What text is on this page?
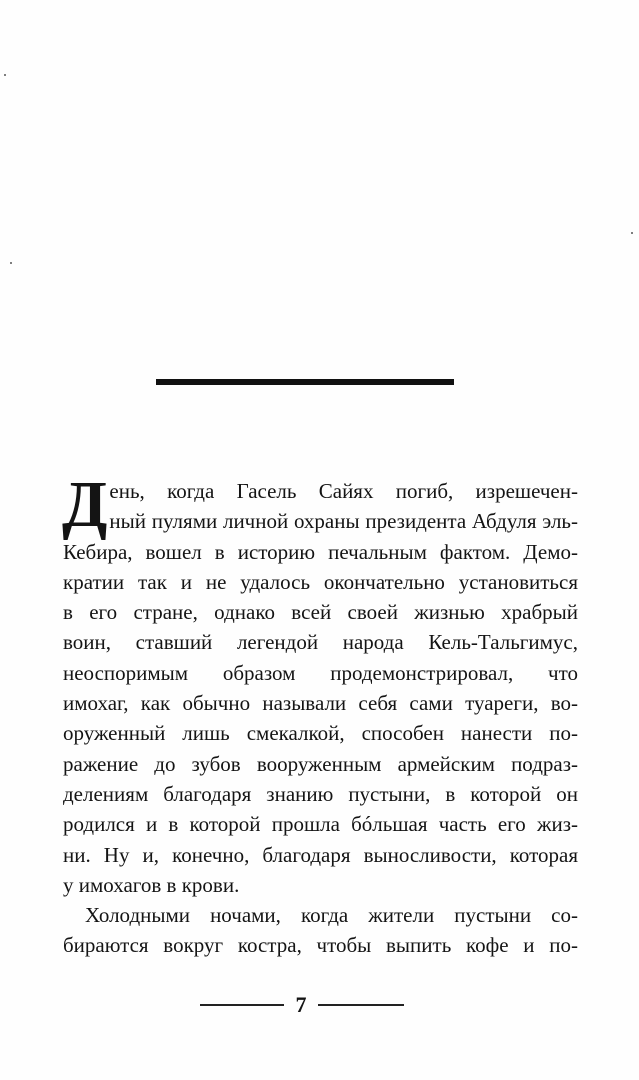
Д ень, когда Гасель Сайях погиб, изрешечен-
ный пулями личной охраны президента Абдуля эль-
Кебира, вошел в историю печальным фактом. Демо-
кратии так и не удалось окончательно установиться
в его стране, однако всей своей жизнью храбрый
воин, ставший легендой народа Кель-Тальгимус,
неоспоримым образом продемонстрировал, что
имохаг, как обычно называли себя сами туареги, во-
оруженный лишь смекалкой, способен нанести по-
ражение до зубов вооруженным армейским подраз-
делениям благодаря знанию пустыни, в которой он
родился и в которой прошла бóльшая часть его жиз-
ни. Ну и, конечно, благодаря выносливости, которая
у имохагов в крови.
Холодными ночами, когда жители пустыни со-
бираются вокруг костра, чтобы выпить кофе и по-
7
